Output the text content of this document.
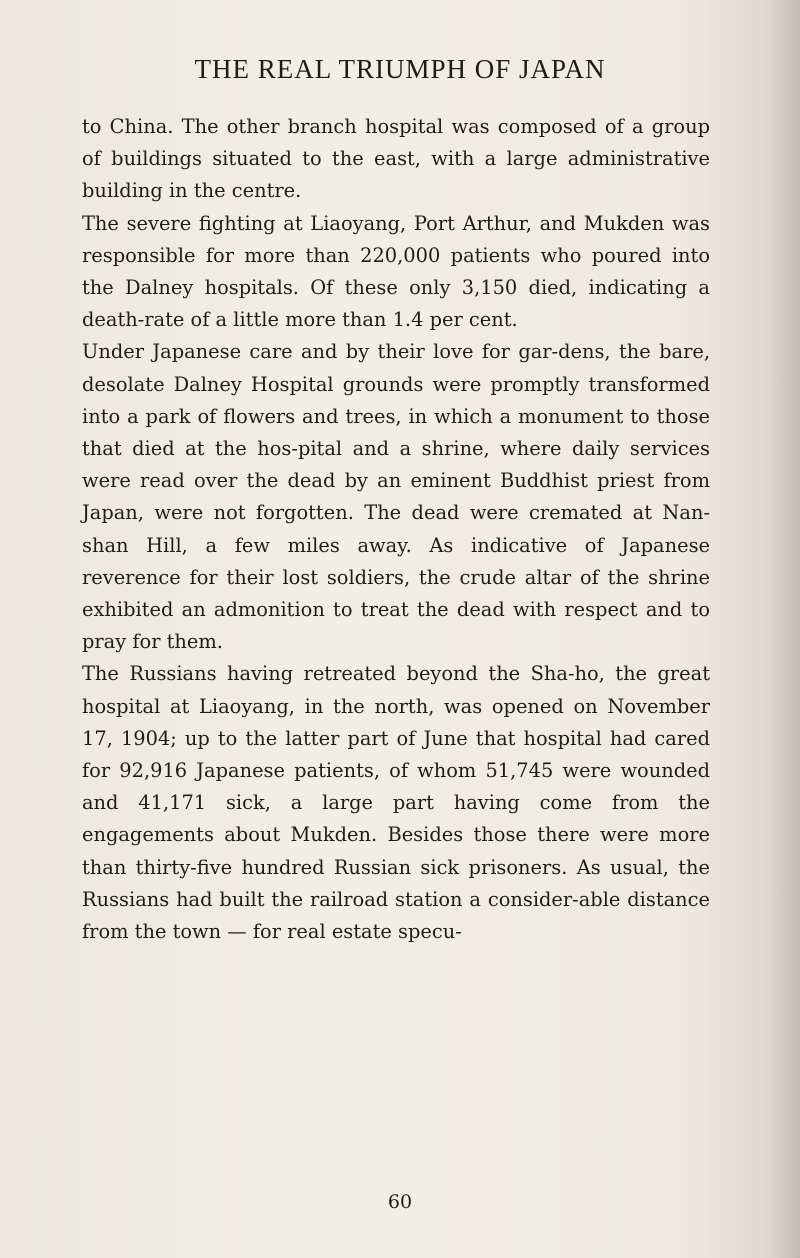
THE REAL TRIUMPH OF JAPAN

to China. The other branch hospital was composed of a group of buildings situated to the east, with a large administrative building in the centre.

The severe fighting at Liaoyang, Port Arthur, and Mukden was responsible for more than 220,000 patients who poured into the Dalney hospitals. Of these only 3,150 died, indicating a death-rate of a little more than 1.4 per cent.

Under Japanese care and by their love for gar-dens, the bare, desolate Dalney Hospital grounds were promptly transformed into a park of flowers and trees, in which a monument to those that died at the hos-pital and a shrine, where daily services were read over the dead by an eminent Buddhist priest from Japan, were not forgotten. The dead were cremated at Nan-shan Hill, a few miles away. As indicative of Japanese reverence for their lost soldiers, the crude altar of the shrine exhibited an admonition to treat the dead with respect and to pray for them.

The Russians having retreated beyond the Sha-ho, the great hospital at Liaoyang, in the north, was opened on November 17, 1904; up to the latter part of June that hospital had cared for 92,916 Japanese patients, of whom 51,745 were wounded and 41,171 sick, a large part having come from the engagements about Mukden. Besides those there were more than thirty-five hundred Russian sick prisoners. As usual, the Russians had built the railroad station a consider-able distance from the town — for real estate specu-

60
